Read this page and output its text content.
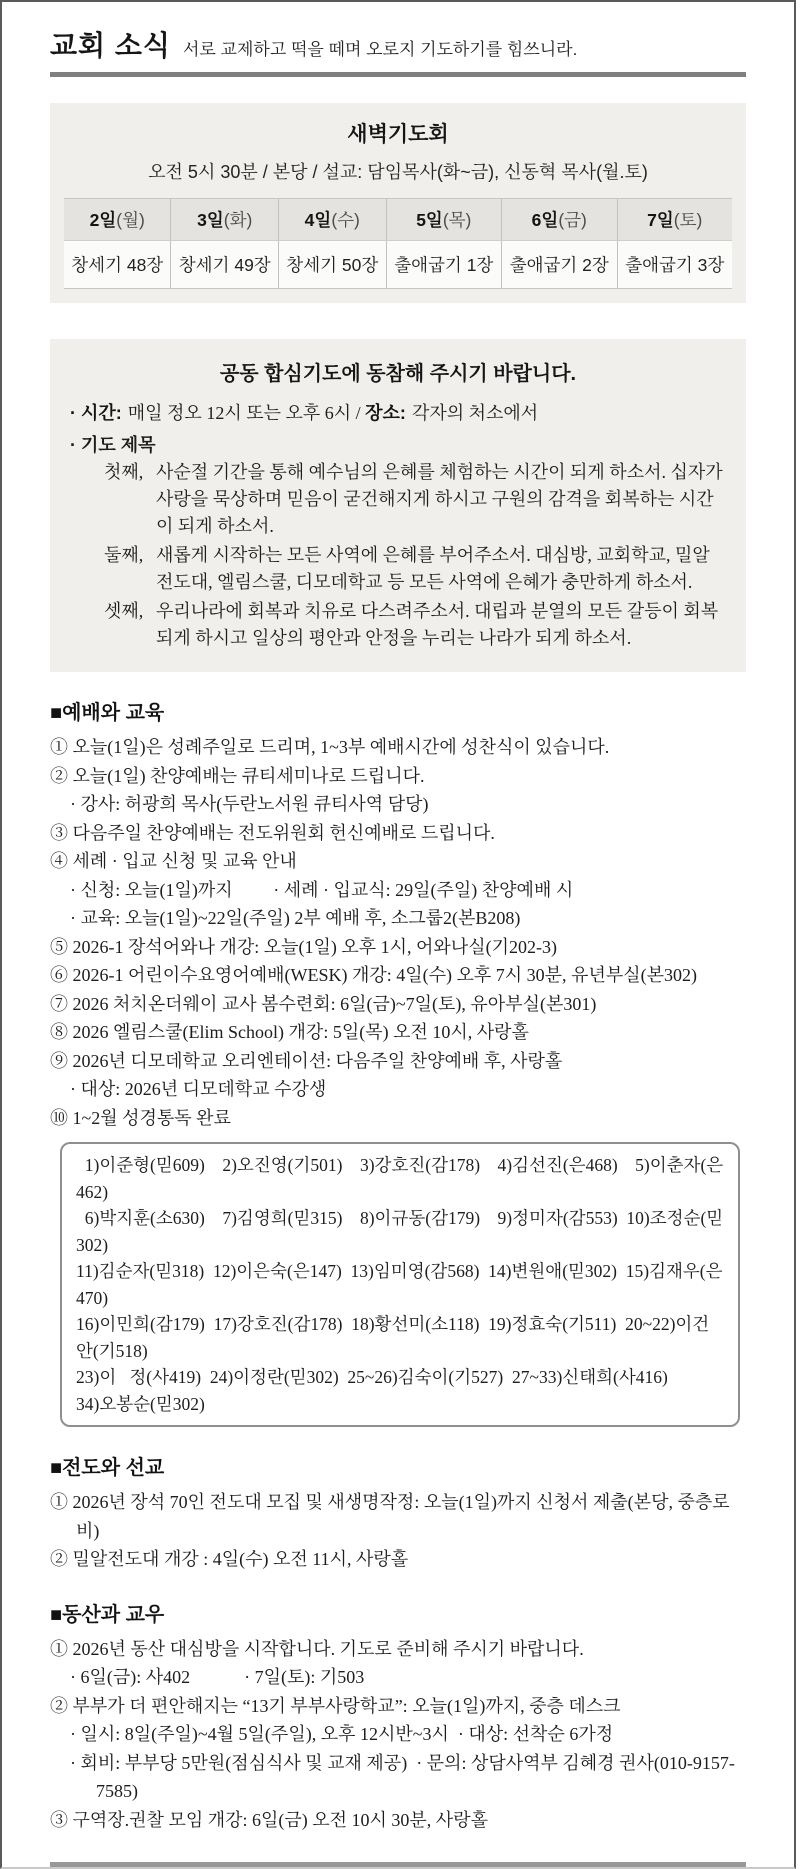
교회 소식 서로 교제하고 떡을 떼며 오로지 기도하기를 힘쓰니라.
새벽기도회

오전 5시 30분 / 본당 / 설교: 담임목사(화~금), 신동혁 목사(월.토)

2일(월)	3일(화)	4일(수)	5일(목)	6일(금)	7일(토)
창세기 48장	창세기 49장	창세기 50장	출애굽기 1장	출애굽기 2장	출애굽기 3장
공동 합심기도에 동참해 주시기 바랍니다.

· 시간: 매일 정오 12시 또는 오후 6시 / 장소: 각자의 처소에서

· 기도 제목

첫째, 사순절 기간을 통해 예수님의 은혜를 체험하는 시간이 되게 하소서. 십자가 사랑을 묵상하며 믿음이 굳건해지게 하시고 구원의 감격을 회복하는 시간이 되게 하소서.
둘째, 새롭게 시작하는 모든 사역에 은혜를 부어주소서. 대심방, 교회학교, 밀알전도대, 엘림스쿨, 디모데학교 등 모든 사역에 은혜가 충만하게 하소서.
셋째, 우리나라에 회복과 치유로 다스려주소서. 대립과 분열의 모든 갈등이 회복되게 하시고 일상의 평안과 안정을 누리는 나라가 되게 하소서.
■예배와 교육

① 오늘(1일)은 성례주일로 드리며, 1~3부 예배시간에 성찬식이 있습니다.

② 오늘(1일) 찬양예배는 큐티세미나로 드립니다.

· 강사: 허광희 목사(두란노서원 큐티사역 담당)

③ 다음주일 찬양예배는 전도위원회 헌신예배로 드립니다.

④ 세례 · 입교 신청 및 교육 안내

· 신청: 오늘(1일)까지　　 · 세례 · 입교식: 29일(주일) 찬양예배 시

· 교육: 오늘(1일)~22일(주일) 2부 예배 후, 소그룹2(본B208)

⑤ 2026-1 장석어와나 개강: 오늘(1일) 오후 1시, 어와나실(기202-3)

⑥ 2026-1 어린이수요영어예배(WESK) 개강: 4일(수) 오후 7시 30분, 유년부실(본302)

⑦ 2026 처치온더웨이 교사 봄수련회: 6일(금)~7일(토), 유아부실(본301)

⑧ 2026 엘림스쿨(Elim School) 개강: 5일(목) 오전 10시, 사랑홀

⑨ 2026년 디모데학교 오리엔테이션: 다음주일 찬양예배 후, 사랑홀

· 대상: 2026년 디모데학교 수강생

⑩ 1~2월 성경통독 완료

1)이준형(믿609)    2)오진영(기501)    3)강호진(감178)    4)김선진(은468)    5)이춘자(은462)

6)박지훈(소630)    7)김영희(믿315)    8)이규동(감179)    9)정미자(감553)  10)조정순(믿302)

11)김순자(믿318)  12)이은숙(은147)  13)임미영(감568)  14)변원애(믿302)  15)김재우(은470)

16)이민희(감179)  17)강호진(감178)  18)황선미(소118)  19)정효숙(기511)  20~22)이건안(기518)

23)이   정(사419)  24)이정란(믿302)  25~26)김숙이(기527)  27~33)신태희(사416)

34)오봉순(믿302)

■전도와 선교

① 2026년 장석 70인 전도대 모집 및 새생명작정: 오늘(1일)까지 신청서 제출(본당, 중층로비)

② 밀알전도대 개강 : 4일(수) 오전 11시, 사랑홀

■동산과 교우

① 2026년 동산 대심방을 시작합니다. 기도로 준비해 주시기 바랍니다.

· 6일(금): 사402　　　· 7일(토): 기503

② 부부가 더 편안해지는 “13기 부부사랑학교”: 오늘(1일)까지, 중층 데스크

· 일시: 8일(주일)~4월 5일(주일), 오후 12시반~3시  · 대상: 선착순 6가정

· 회비: 부부당 5만원(점심식사 및 교재 제공)  · 문의: 상담사역부 김혜경 권사(010-9157-7585)

③ 구역장.권찰 모임 개강: 6일(금) 오전 10시 30분, 사랑홀
